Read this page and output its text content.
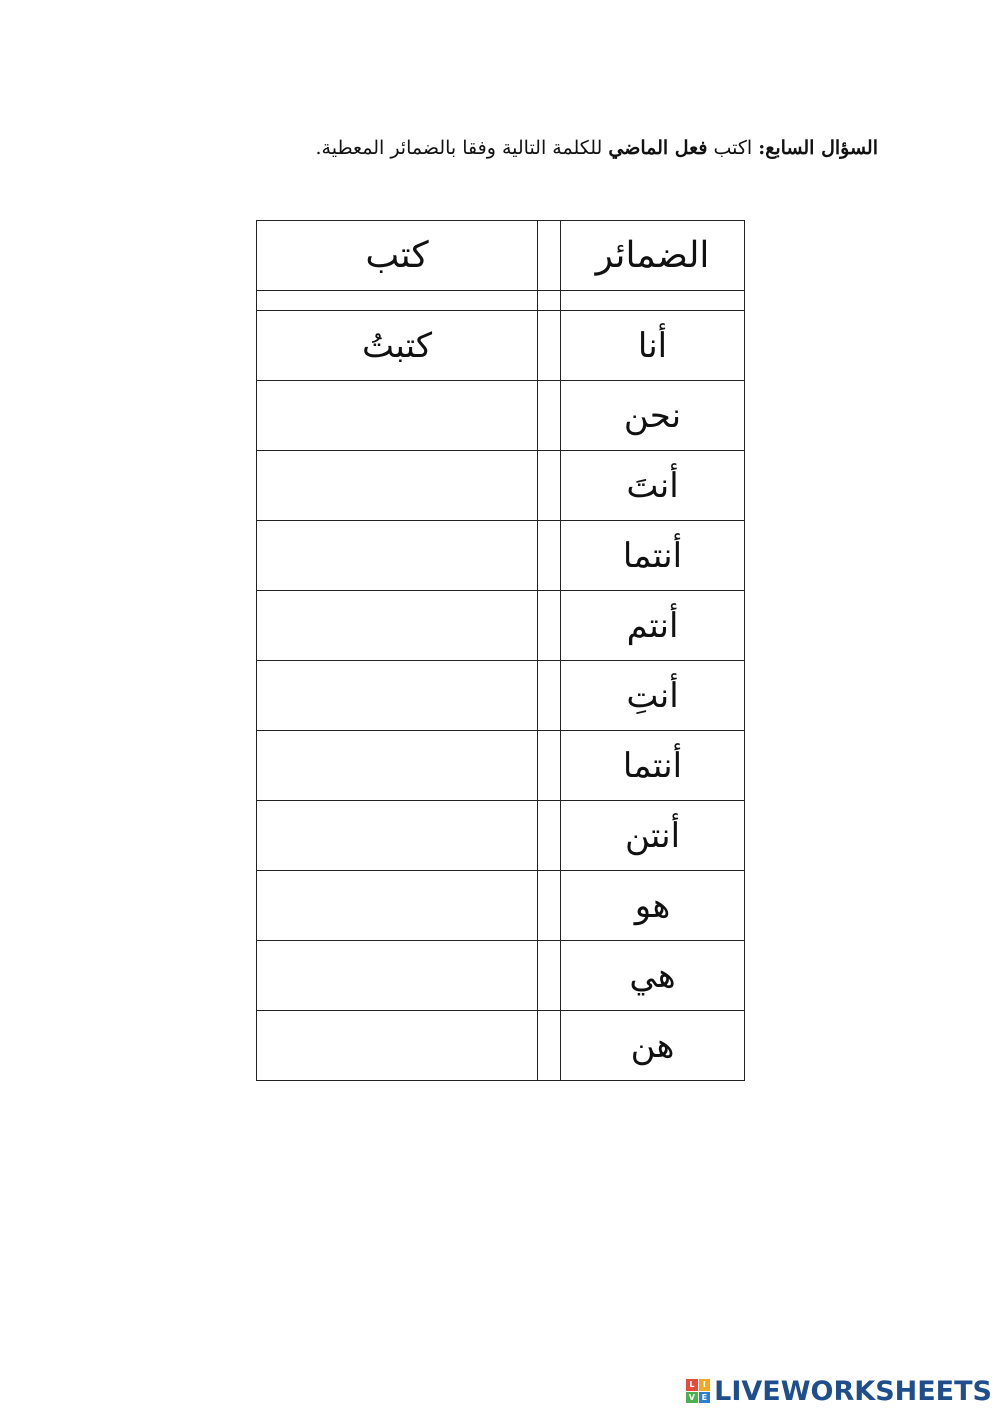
السؤال السابع: اكتب فعل الماضي للكلمة التالية وفقا بالضمائر المعطية.
كتب		الضمائر

كتبتُ		أنا
		نحن
		أنتَ
		أنتما
		أنتم
		أنتِ
		أنتما
		أنتن
		هو
		هي
		هن
L	I
V E LIVEWORKSHEETS
